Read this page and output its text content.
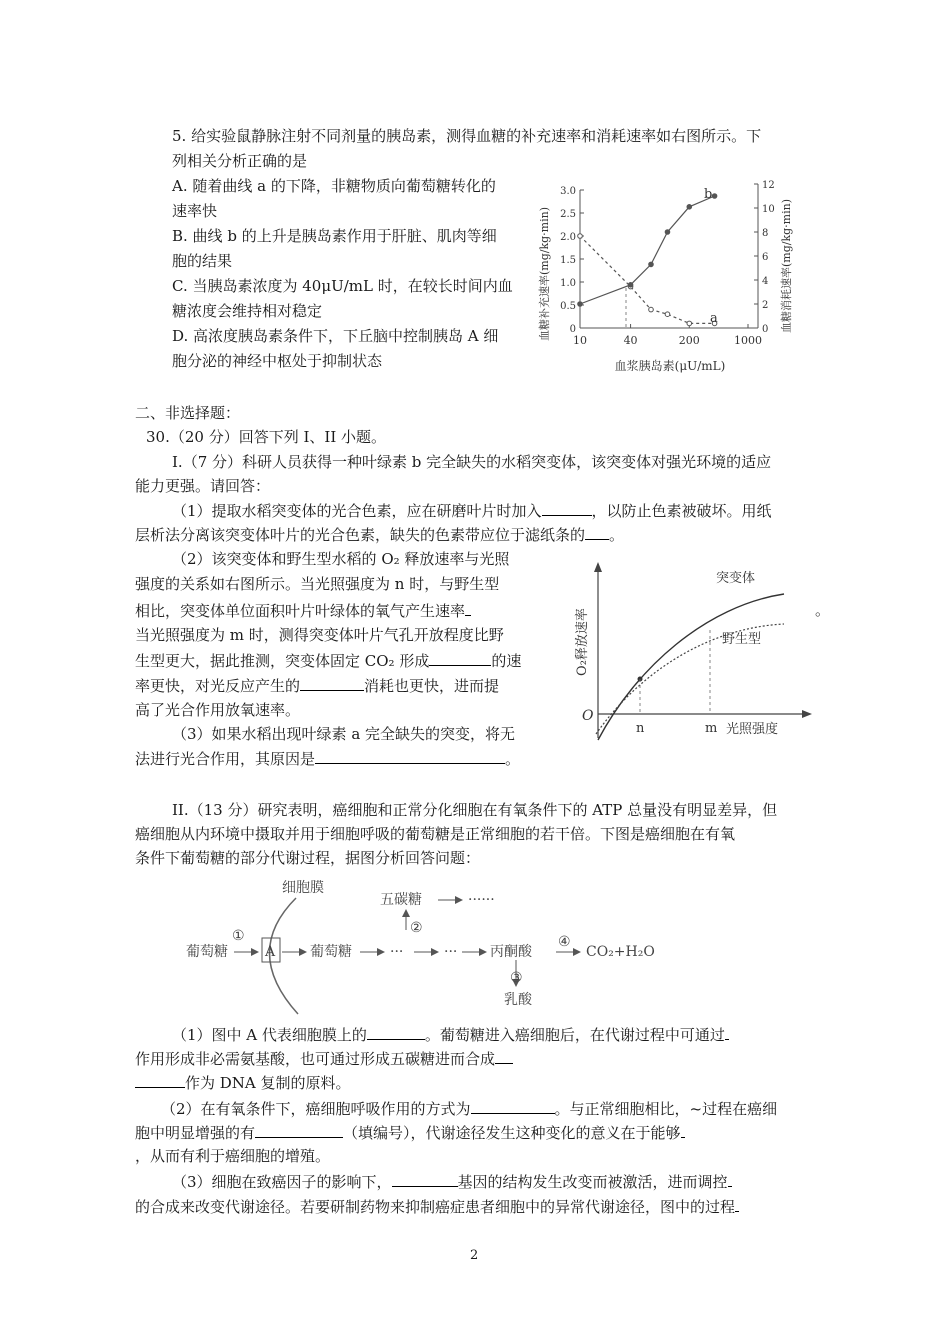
5. 给实验鼠静脉注射不同剂量的胰岛素，测得血糖的补充速率和消耗速率如右图所示。下
列相关分析正确的是
A. 随着曲线 a 的下降，非糖物质向葡萄糖转化的
速率快
B. 曲线 b 的上升是胰岛素作用于肝脏、肌肉等细
胞的结果
C. 当胰岛素浓度为 40μU/mL 时，在较长时间内血
糖浓度会维持相对稳定
D. 高浓度胰岛素条件下，下丘脑中控制胰岛 A 细
胞分泌的神经中枢处于抑制状态
0
0.5
1.0
1.5
2.0
2.5
3.0
0
2
4
6
8
10
12
10	40	200	1000
血糖补充速率(mg/kg·min)	血糖消耗速率(mg/kg·min)
血浆胰岛素(μU/mL)
a
b
二、非选择题：
30.（20 分）回答下列 I、II 小题。
I.（7 分）科研人员获得一种叶绿素 b 完全缺失的水稻突变体，该突变体对强光环境的适应
能力更强。请回答：
（1）提取水稻突变体的光合色素，应在研磨叶片时加入	，以防止色素被破坏。用纸
层析法分离该突变体叶片的光合色素，缺失的色素带应位于滤纸条的 。
（2）该突变体和野生型水稻的 O₂ 释放速率与光照
强度的关系如右图所示。当光照强度为 n 时，与野生型
相比，突变体单位面积叶片叶绿体的氧气产生速率	。
当光照强度为 m 时，测得突变体叶片气孔开放程度比野
生型更大，据此推测，突变体固定 CO₂ 形成	的速
率更快，对光反应产生的	消耗也更快，进而提
高了光合作用放氧速率。
（3）如果水稻出现叶绿素 a 完全缺失的突变，将无
法进行光合作用，其原因是	。
O₂释放速率
O
n	m 光照强度
突变体
野生型
II.（13 分）研究表明，癌细胞和正常分化细胞在有氧条件下的 ATP 总量没有明显差异，但
癌细胞从内环境中摄取并用于细胞呼吸的葡萄糖是正常细胞的若干倍。下图是癌细胞在有氧
条件下葡萄糖的部分代谢过程，据图分析回答问题：
细胞膜
葡萄糖
①
A 葡萄糖	···
②
五碳糖	······
··· 丙酮酸
④
CO₂+H₂O
③
乳酸
（1）图中 A 代表细胞膜上的	。葡萄糖进入癌细胞后，在代谢过程中可通过
作用形成非必需氨基酸，也可通过形成五碳糖进而合成
作为 DNA 复制的原料。
（2）在有氧条件下，癌细胞呼吸作用的方式为	。与正常细胞相比，~过程在癌细
胞中明显增强的有	（填编号），代谢途径发生这种变化的意义在于能够
，从而有利于癌细胞的增殖。
（3）细胞在致癌因子的影响下，	基因的结构发生改变而被激活，进而调控
的合成来改变代谢途径。若要研制药物来抑制癌症患者细胞中的异常代谢途径，图中的过程
2
